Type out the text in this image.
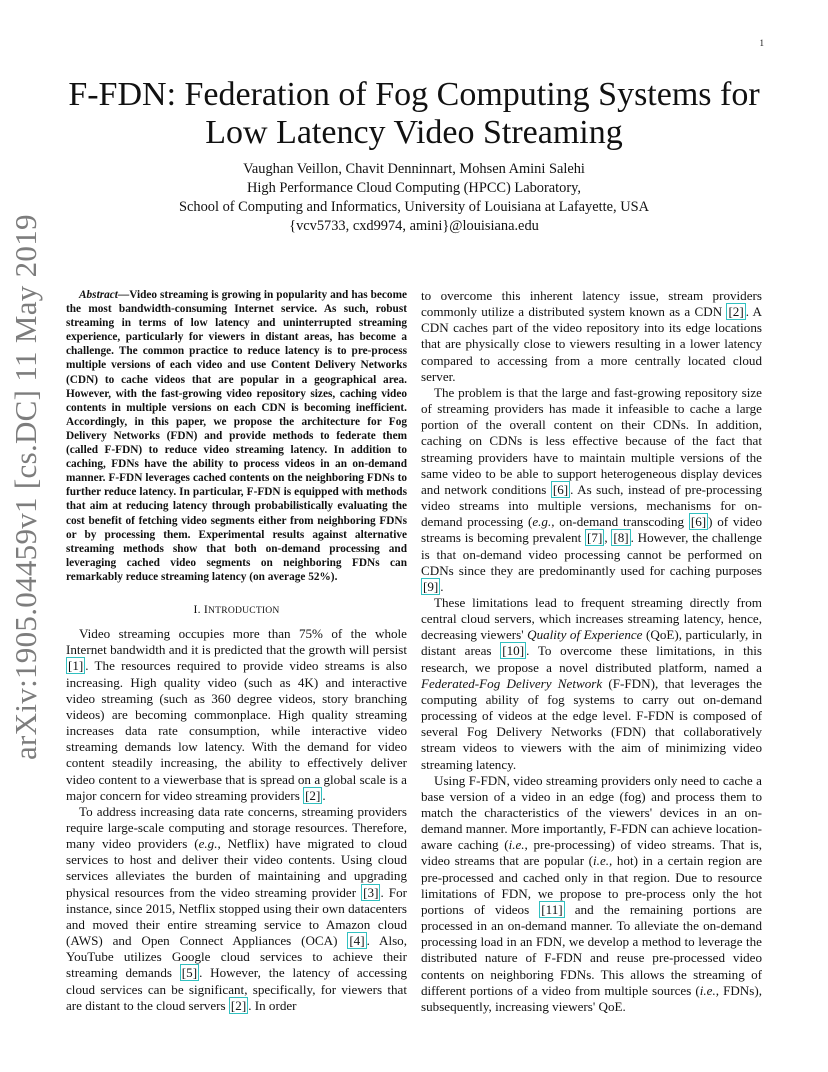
1
arXiv:1905.04459v1 [cs.DC] 11 May 2019
F-FDN: Federation of Fog Computing Systems for
Low Latency Video Streaming
Vaughan Veillon, Chavit Denninnart, Mohsen Amini Salehi
High Performance Cloud Computing (HPCC) Laboratory,
School of Computing and Informatics, University of Louisiana at Lafayette, USA
{vcv5733, cxd9974, amini}@louisiana.edu

Abstract—Video streaming is growing in popularity and has become the most bandwidth-consuming Internet service. As such, robust streaming in terms of low latency and uninterrupted streaming experience, particularly for viewers in distant areas, has become a challenge. The common practice to reduce latency is to pre-process multiple versions of each video and use Content Delivery Networks (CDN) to cache videos that are popular in a geographical area. However, with the fast-growing video repository sizes, caching video contents in multiple versions on each CDN is becoming inefficient. Accordingly, in this paper, we propose the architecture for Fog Delivery Networks (FDN) and provide methods to federate them (called F-FDN) to reduce video streaming latency. In addition to caching, FDNs have the ability to process videos in an on-demand manner. F-FDN leverages cached contents on the neighboring FDNs to further reduce latency. In particular, F-FDN is equipped with methods that aim at reducing latency through probabilistically evaluating the cost benefit of fetching video segments either from neighboring FDNs or by processing them. Experimental results against alternative streaming methods show that both on-demand processing and leveraging cached video segments on neighboring FDNs can remarkably reduce streaming latency (on average 52%).

I. INTRODUCTION

Video streaming occupies more than 75% of the whole Internet bandwidth and it is predicted that the growth will persist [1] . The resources required to provide video streams is also increasing. High quality video (such as 4K) and interactive video streaming (such as 360 degree videos, story branching videos) are becoming commonplace. High quality streaming increases data rate consumption, while interactive video streaming demands low latency. With the demand for video content steadily increasing, the ability to effectively deliver video content to a viewerbase that is spread on a global scale is a major concern for video streaming providers [2] .

To address increasing data rate concerns, streaming providers require large-scale computing and storage resources. Therefore, many video providers (e.g., Netflix) have migrated to cloud services to host and deliver their video contents. Using cloud services alleviates the burden of maintaining and upgrading physical resources from the video streaming provider [3] . For instance, since 2015, Netflix stopped using their own datacenters and moved their entire streaming service to Amazon cloud (AWS) and Open Connect Appliances (OCA) [4] . Also, YouTube utilizes Google cloud services to achieve their streaming demands [5] . However, the latency of accessing cloud services can be significant, specifically, for viewers that are distant to the cloud servers [2] . In order

to overcome this inherent latency issue, stream providers commonly utilize a distributed system known as a CDN [2] . A CDN caches part of the video repository into its edge locations that are physically close to viewers resulting in a lower latency compared to accessing from a more centrally located cloud server.

The problem is that the large and fast-growing repository size of streaming providers has made it infeasible to cache a large portion of the overall content on their CDNs. In addition, caching on CDNs is less effective because of the fact that streaming providers have to maintain multiple versions of the same video to be able to support heterogeneous display devices and network conditions [6] . As such, instead of pre-processing video streams into multiple versions, mechanisms for on-demand processing (e.g., on-demand transcoding [6] ) of video streams is becoming prevalent [7] , [8] . However, the challenge is that on-demand video processing cannot be performed on CDNs since they are predominantly used for caching purposes [9] .

These limitations lead to frequent streaming directly from central cloud servers, which increases streaming latency, hence, decreasing viewers' Quality of Experience (QoE), particularly, in distant areas [10] . To overcome these limitations, in this research, we propose a novel distributed platform, named a Federated-Fog Delivery Network (F-FDN), that leverages the computing ability of fog systems to carry out on-demand processing of videos at the edge level. F-FDN is composed of several Fog Delivery Networks (FDN) that collaboratively stream videos to viewers with the aim of minimizing video streaming latency.

Using F-FDN, video streaming providers only need to cache a base version of a video in an edge (fog) and process them to match the characteristics of the viewers' devices in an on-demand manner. More importantly, F-FDN can achieve location-aware caching (i.e., pre-processing) of video streams. That is, video streams that are popular (i.e., hot) in a certain region are pre-processed and cached only in that region. Due to resource limitations of FDN, we propose to pre-process only the hot portions of videos [11] and the remaining portions are processed in an on-demand manner. To alleviate the on-demand processing load in an FDN, we develop a method to leverage the distributed nature of F-FDN and reuse pre-processed video contents on neighboring FDNs. This allows the streaming of different portions of a video from multiple sources (i.e., FDNs), subsequently, increasing viewers' QoE.
